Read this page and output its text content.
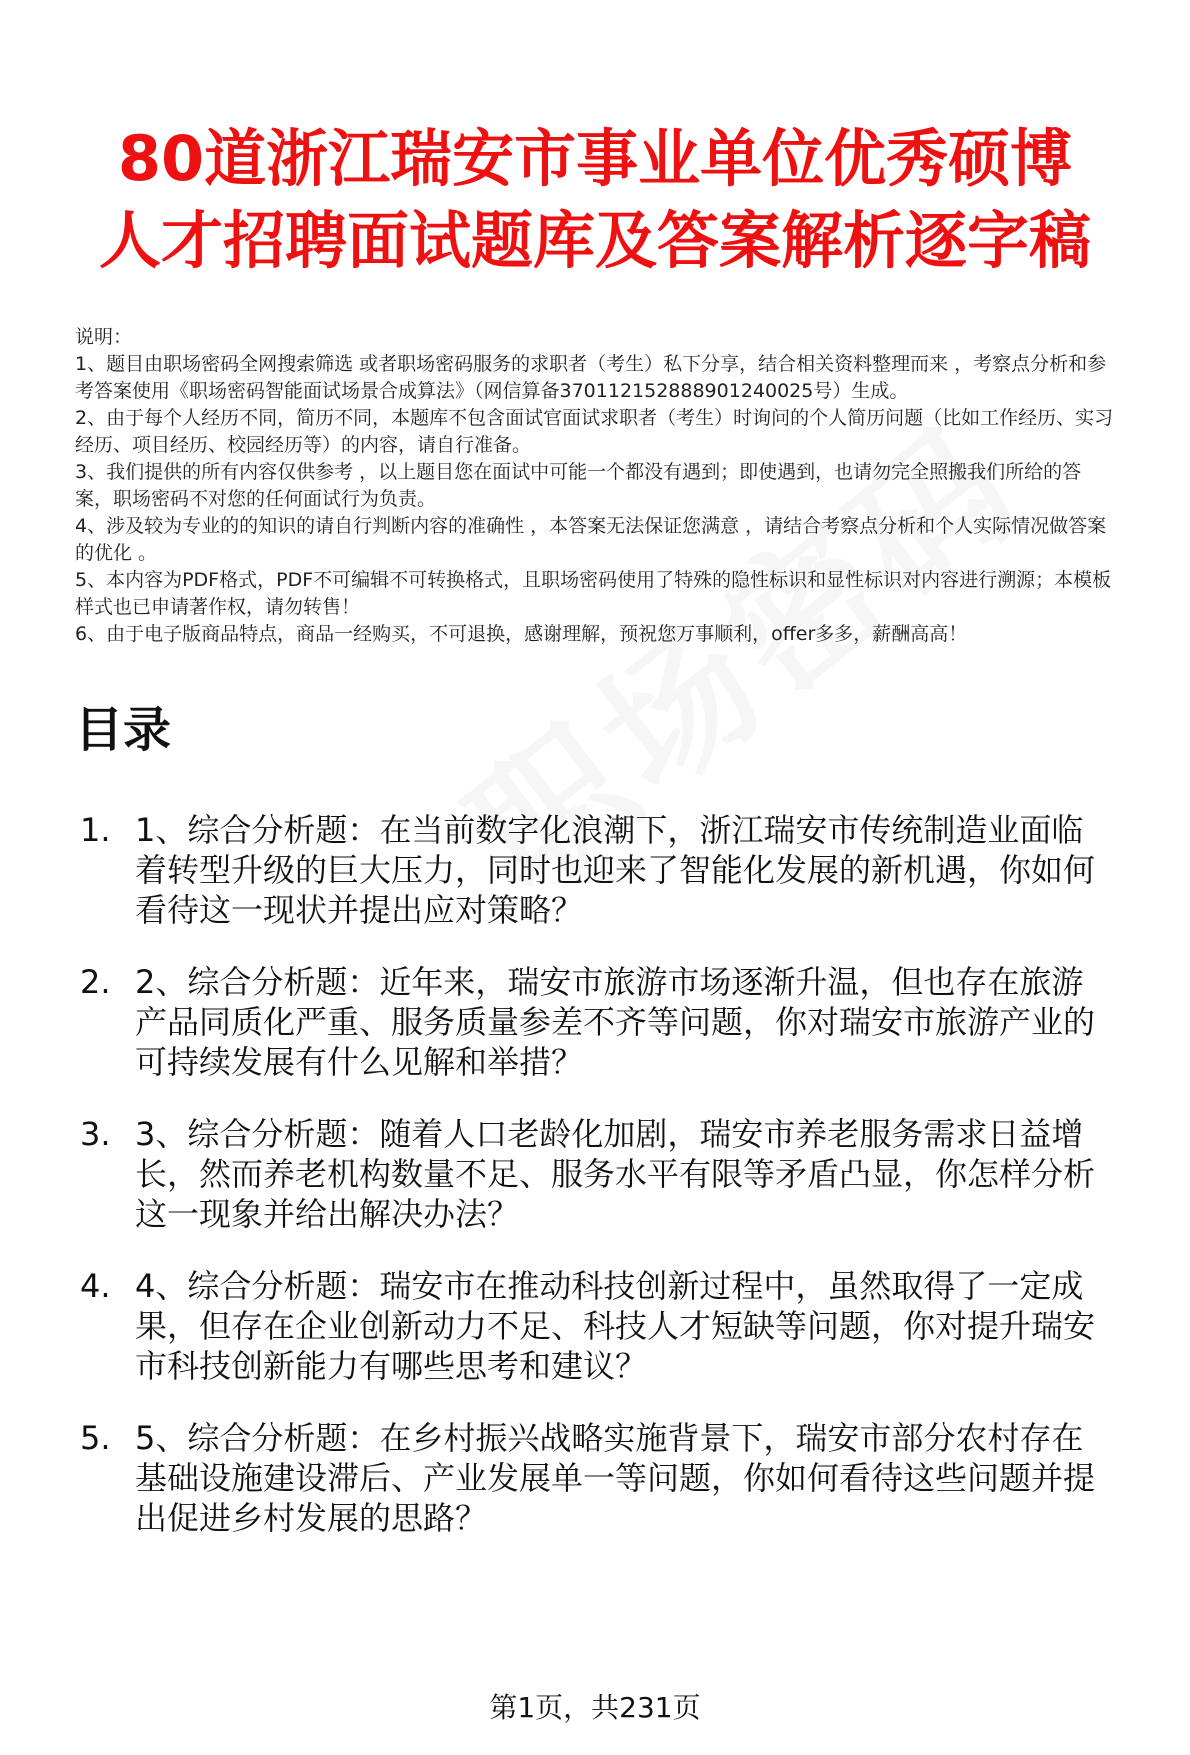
80道浙江瑞安市事业单位优秀硕博人才招聘面试题库及答案解析逐字稿

说明：

1、题目由职场密码全网搜索筛选 或者职场密码服务的求职者（考生）私下分享，结合相关资料整理而来 ，考察点分析和参考答案使用《职场密码智能面试场景合成算法》（网信算备370112152888901240025号）生成。

2、由于每个人经历不同，简历不同，本题库不包含面试官面试求职者（考生）时询问的个人简历问题（比如工作经历、实习经历、项目经历、校园经历等）的内容，请自行准备。

3、我们提供的所有内容仅供参考 ，以上题目您在面试中可能一个都没有遇到；即使遇到，也请勿完全照搬我们所给的答案，职场密码不对您的任何面试行为负责。

4、涉及较为专业的的知识的请自行判断内容的准确性 ，本答案无法保证您满意 ，请结合考察点分析和个人实际情况做答案的优化 。

5、本内容为PDF格式，PDF不可编辑不可转换格式，且职场密码使用了特殊的隐性标识和显性标识对内容进行溯源；本模板样式也已申请著作权，请勿转售！

6、由于电子版商品特点，商品一经购买，不可退换，感谢理解，预祝您万事顺利，offer多多，薪酬高高！

目录
1. 1、综合分析题：在当前数字化浪潮下，浙江瑞安市传统制造业面临着转型升级的巨大压力，同时也迎来了智能化发展的新机遇，你如何看待这一现状并提出应对策略？
2. 2、综合分析题：近年来，瑞安市旅游市场逐渐升温，但也存在旅游产品同质化严重、服务质量参差不齐等问题，你对瑞安市旅游产业的可持续发展有什么见解和举措？
3. 3、综合分析题：随着人口老龄化加剧，瑞安市养老服务需求日益增长，然而养老机构数量不足、服务水平有限等矛盾凸显，你怎样分析这一现象并给出解决办法？
4. 4、综合分析题：瑞安市在推动科技创新过程中，虽然取得了一定成果，但存在企业创新动力不足、科技人才短缺等问题，你对提升瑞安市科技创新能力有哪些思考和建议？
5. 5、综合分析题：在乡村振兴战略实施背景下，瑞安市部分农村存在基础设施建设滞后、产业发展单一等问题，你如何看待这些问题并提出促进乡村发展的思路？
第1页，共231页
